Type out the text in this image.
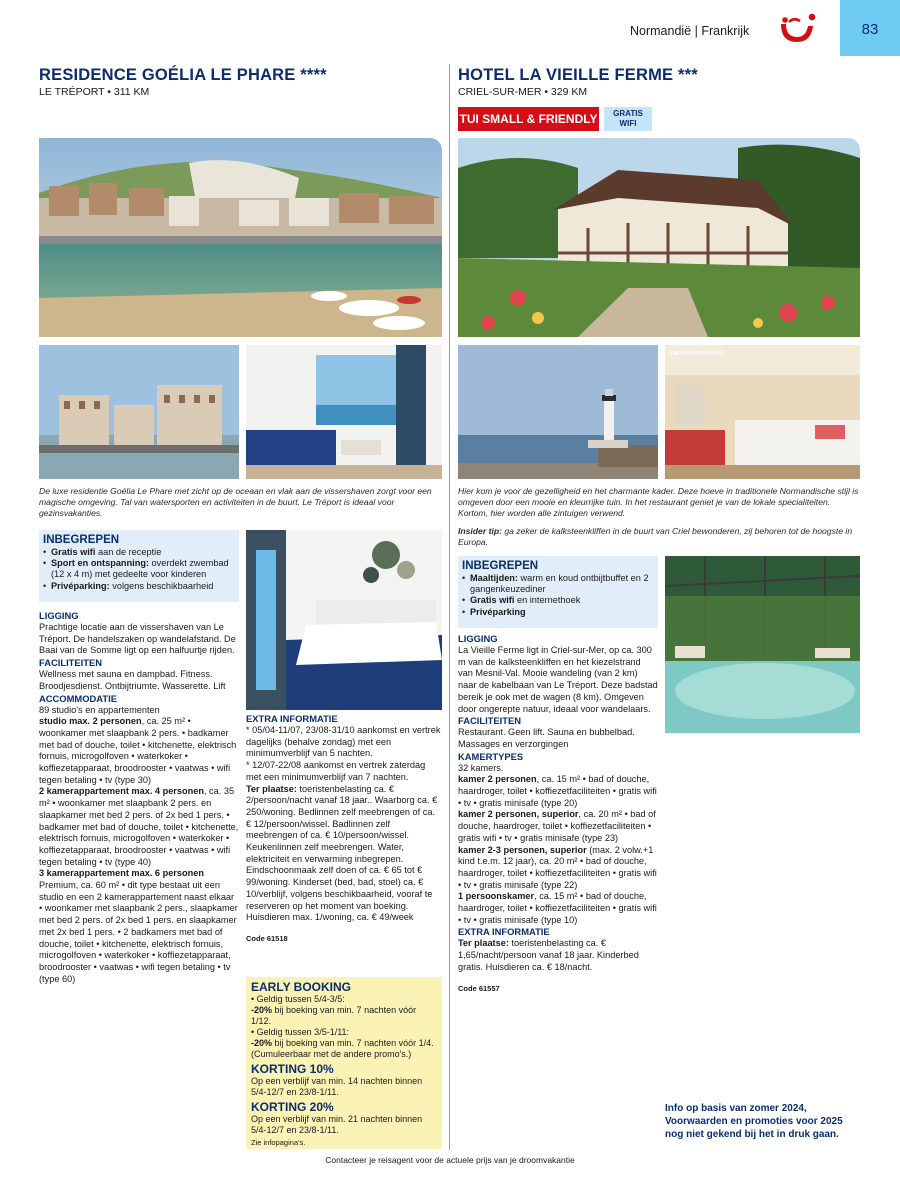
Normandië | Frankrijk	83
RESIDENCE GOÉLIA LE PHARE ****
LE TRÉPORT • 311 KM
HOTEL LA VIEILLE FERME ***
CRIEL-SUR-MER • 329 KM
TUI SMALL & FRIENDLY	GRATIS
WIFI
De luxe residentie Goélia Le Phare met zicht op de oceaan en vlak aan de vissershaven zorgt voor een magische omgeving. Tal van watersporten en activiteiten in de buurt. Le Tréport is ideaal voor gezinsvakanties.
INBEGREPEN
• Gratis wifi aan de receptie
• Sport en ontspanning: overdekt zwembad (12 x 4 m) met gedeelte voor kinderen
• Privéparking: volgens beschikbaarheid
LIGGING
Prachtige locatie aan de vissershaven van Le Tréport. De handelszaken op wandelafstand. De Baai van de Somme ligt op een halfuurtje rijden.
FACILITEITEN
Wellness met sauna en dampbad. Fitness. Broodjesdienst. Ontbijtriumte. Wasserette. Lift
ACCOMMODATIE
89 studio's en appartementen
studio max. 2 personen, ca. 25 m² • woonkamer met slaapbank 2 pers. • badkamer met bad of douche, toilet • kitchenette, elektrisch fornuis, microgolfoven • waterkoker • koffiezetapparaat, broodrooster • vaatwas • wifi tegen betaling • tv (type 30)
2 kamerappartement max. 4 personen, ca. 35 m² • woonkamer met slaapbank 2 pers. en slaapkamer met bed 2 pers. of 2x bed 1 pers. • badkamer met bad of douche, toilet • kitchenette, elektrisch fornuis, microgolfoven • waterkoker • koffiezetapparaat, broodrooster • vaatwas • wifi tegen betaling • tv (type 40)
3 kamerappartement max. 6 personen Premium, ca. 60 m² • dit type bestaat uit een studio en een 2 kamerappartement naast elkaar • woonkamer met slaapbank 2 pers., slaapkamer met bed 2 pers. of 2x bed 1 pers. en slaapkamer met 2x bed 1 pers. • 2 badkamers met bad of douche, toilet • kitchenette, elektrisch fornuis, microgolfoven • waterkoker • koffiezetapparaat, broodrooster • vaatwas • wifi tegen betaling • tv (type 60)
EXTRA INFORMATIE
* 05/04-11/07, 23/08-31/10 aankomst en vertrek dagelijks (behalve zondag) met een minimumverblijf van 5 nachten.
* 12/07-22/08 aankomst en vertrek zaterdag met een minimumverblijf van 7 nachten.
Ter plaatse: toeristenbelasting ca. € 2/persoon/nacht vanaf 18 jaar.. Waarborg ca. € 250/woning. Bedlinnen zelf meebrengen of ca. € 12/persoon/wissel. Badlinnen zelf meebrengen of ca. € 10/persoon/wissel. Keukenlinnen zelf meebrengen. Water, elektriciteit en verwarming inbegrepen. Eindschoonmaak zelf doen of ca. € 65 tot € 99/woning. Kinderset (bed, bad, stoel) ca. € 10/verblijf, volgens beschikbaarheid, vooraf te reserveren op het moment van boeking. Huisdieren max. 1/woning, ca. € 49/week
Code 61518
EARLY BOOKING
• Geldig tussen 5/4-3/5:
-20% bij boeking van min. 7 nachten vóór 1/12.
• Geldig tussen 3/5-1/11:
-20% bij boeking van min. 7 nachten vóór 1/4.
(Cumuleerbaar met de andere promo's.)
KORTING 10%
Op een verblijf van min. 14 nachten binnen 5/4-12/7 en 23/8-1/11.
KORTING 20%
Op een verblijf van min. 21 nachten binnen 5/4-12/7 en 23/8-1/11.
Zie infopagina's.
kamervoorbeeld
Hier kom je voor de gezelligheid en het charmante kader. Deze hoeve in traditionele Normandische stijl is omgeven door een mooie en kleurrijke tuin. In het restaurant geniet je van de lokale specialiteiten. Kortom, hier worden alle zintuigen verwend.
Insider tip: ga zeker de kalksteenkliffen in de buurt van Criel bewonderen, zij behoren tot de hoogste in Europa.
INBEGREPEN
• Maaltijden: warm en koud ontbijtbuffet en 2 gangenkeuzediner
• Gratis wifi en internethoek
• Privéparking
LIGGING
La Vieille Ferme ligt in Criel-sur-Mer, op ca. 300 m van de kalksteenkliffen en het kiezelstrand van Mesnil-Val. Mooie wandeling (van 2 km) naar de kabelbaan van Le Tréport. Deze badstad bereik je ook met de wagen (8 km). Omgeven door ongerepte natuur, ideaal voor wandelaars.
FACILITEITEN
Restaurant. Geen lift. Sauna en bubbelbad. Massages en verzorgingen
KAMERTYPES
32 kamers.
kamer 2 personen, ca. 15 m² • bad of douche, haardroger, toilet • koffiezetfaciliteiten • gratis wifi • tv • gratis minisafe (type 20)
kamer 2 personen, superior, ca. 20 m² • bad of douche, haardroger, toilet • koffiezetfaciliteiten • gratis wifi • tv • gratis minisafe (type 23)
kamer 2-3 personen, superior (max. 2 volw.+1 kind t.e.m. 12 jaar), ca. 20 m² • bad of douche, haardroger, toilet • koffiezetfaciliteiten • gratis wifi • tv • gratis minisafe (type 22)
1 persoonskamer, ca. 15 m² • bad of douche, haardroger, toilet • koffiezetfaciliteiten • gratis wifi • tv • gratis minisafe (type 10)
EXTRA INFORMATIE
Ter plaatse: toeristenbelasting ca. € 1,65/nacht/persoon vanaf 18 jaar. Kinderbed gratis. Huisdieren ca. € 18/nacht.
Code 61557
Info op basis van zomer 2024,
Voorwaarden en promoties voor 2025
nog niet gekend bij het in druk gaan.
Contacteer je reisagent voor de actuele prijs van je droomvakantie
